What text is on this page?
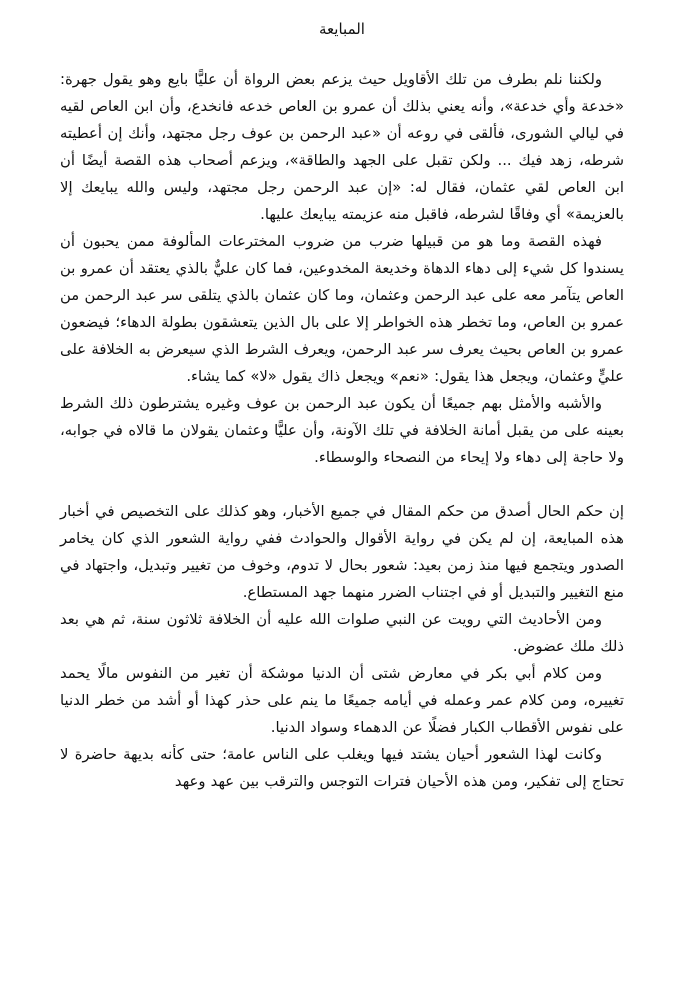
المبايعة

ولكننا نلم بطرف من تلك الأقاويل حيث يزعم بعض الرواة أن عليًّا بايع وهو يقول جهرة: «خدعة وأي خدعة»، وأنه يعني بذلك أن عمرو بن العاص خدعه فانخدع، وأن ابن العاص لقيه في ليالي الشورى، فألقى في روعه أن «عبد الرحمن بن عوف رجل مجتهد، وأنك إن أعطيته شرطه، زهد فيك ... ولكن تقبل على الجهد والطاقة»، ويزعم أصحاب هذه القصة أيضًا أن ابن العاص لقي عثمان، فقال له: «إن عبد الرحمن رجل مجتهد، وليس والله يبايعك إلا بالعزيمة» أي وفاقًا لشرطه، فاقبل منه عزيمته يبايعك عليها.

فهذه القصة وما هو من قبيلها ضرب من ضروب المخترعات المألوفة ممن يحبون أن يسندوا كل شيء إلى دهاء الدهاة وخديعة المخدوعين، فما كان عليٌّ بالذي يعتقد أن عمرو بن العاص يتآمر معه على عبد الرحمن وعثمان، وما كان عثمان بالذي يتلقى سر عبد الرحمن من عمرو بن العاص، وما تخطر هذه الخواطر إلا على بال الذين يتعشقون بطولة الدهاء؛ فيضعون عمرو بن العاص بحيث يعرف سر عبد الرحمن، ويعرف الشرط الذي سيعرض به الخلافة على عليٍّ وعثمان، ويجعل هذا يقول: «نعم» ويجعل ذاك يقول «لا» كما يشاء.

والأشبه والأمثل بهم جميعًا أن يكون عبد الرحمن بن عوف وغيره يشترطون ذلك الشرط بعينه على من يقبل أمانة الخلافة في تلك الآونة، وأن عليًّا وعثمان يقولان ما قالاه في جوابه، ولا حاجة إلى دهاء ولا إيحاء من النصحاء والوسطاء.

إن حكم الحال أصدق من حكم المقال في جميع الأخبار، وهو كذلك على التخصيص في أخبار هذه المبايعة، إن لم يكن في رواية الأقوال والحوادث ففي رواية الشعور الذي كان يخامر الصدور ويتجمع فيها منذ زمن بعيد: شعور بحال لا تدوم، وخوف من تغيير وتبديل، واجتهاد في منع التغيير والتبديل أو في اجتناب الضرر منهما جهد المستطاع.

ومن الأحاديث التي رويت عن النبي صلوات الله عليه أن الخلافة ثلاثون سنة، ثم هي بعد ذلك ملك عضوض.

ومن كلام أبي بكر في معارض شتى أن الدنيا موشكة أن تغير من النفوس مالًا يحمد تغييره، ومن كلام عمر وعمله في أيامه جميعًا ما ينم على حذر كهذا أو أشد من خطر الدنيا على نفوس الأقطاب الكبار فضلًا عن الدهماء وسواد الدنيا.

وكانت لهذا الشعور أحيان يشتد فيها ويغلب على الناس عامة؛ حتى كأنه بديهة حاضرة لا تحتاج إلى تفكير، ومن هذه الأحيان فترات التوجس والترقب بين عهد وعهد
